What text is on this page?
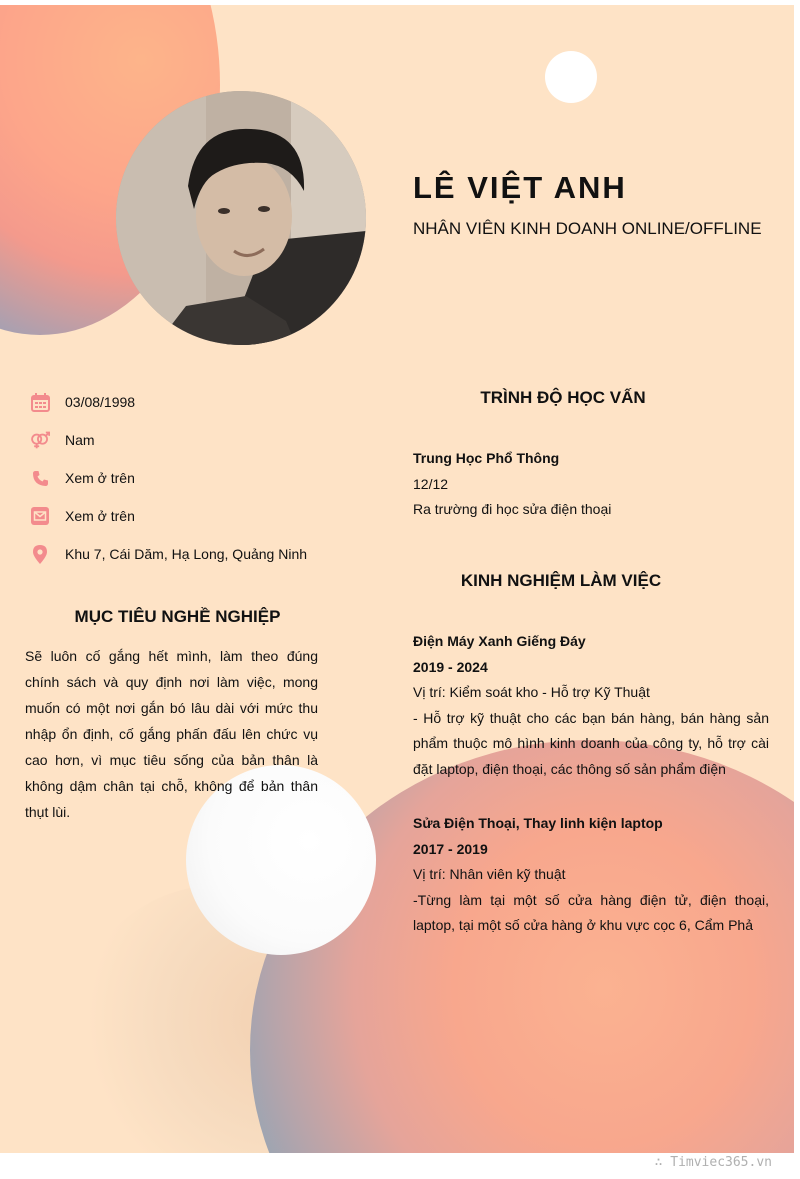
LÊ VIỆT ANH
NHÂN VIÊN KINH DOANH ONLINE/OFFLINE
03/08/1998
Nam
Xem ở trên
Xem ở trên
Khu 7, Cái Dăm, Hạ Long, Quảng Ninh
MỤC TIÊU NGHỀ NGHIỆP
Sẽ luôn cố gắng hết mình, làm theo đúng chính sách và quy định nơi làm việc, mong muốn có một nơi gắn bó lâu dài với mức thu nhập ổn định, cố gắng phấn đấu lên chức vụ cao hơn, vì mục tiêu sống của bản thân là không dậm chân tại chỗ, không để bản thân thụt lùi.
TRÌNH ĐỘ HỌC VẤN
Trung Học Phổ Thông
12/12
Ra trường đi học sửa điện thoại
KINH NGHIỆM LÀM VIỆC
Điện Máy Xanh Giếng Đáy
2019 - 2024
Vị trí: Kiểm soát kho - Hỗ trợ Kỹ Thuật
- Hỗ trợ kỹ thuật cho các bạn bán hàng, bán hàng sản phẩm thuộc mô hình kinh doanh của công ty, hỗ trợ cài đặt laptop, điện thoại, các thông số sản phẩm điện
Sửa Điện Thoại, Thay linh kiện laptop
2017 - 2019
Vị trí: Nhân viên kỹ thuật
-Từng làm tại một số cửa hàng điện tử, điện thoại, laptop, tại một số cửa hàng ở khu vực cọc 6, Cẩm Phả
∴ Timviec365.vn
